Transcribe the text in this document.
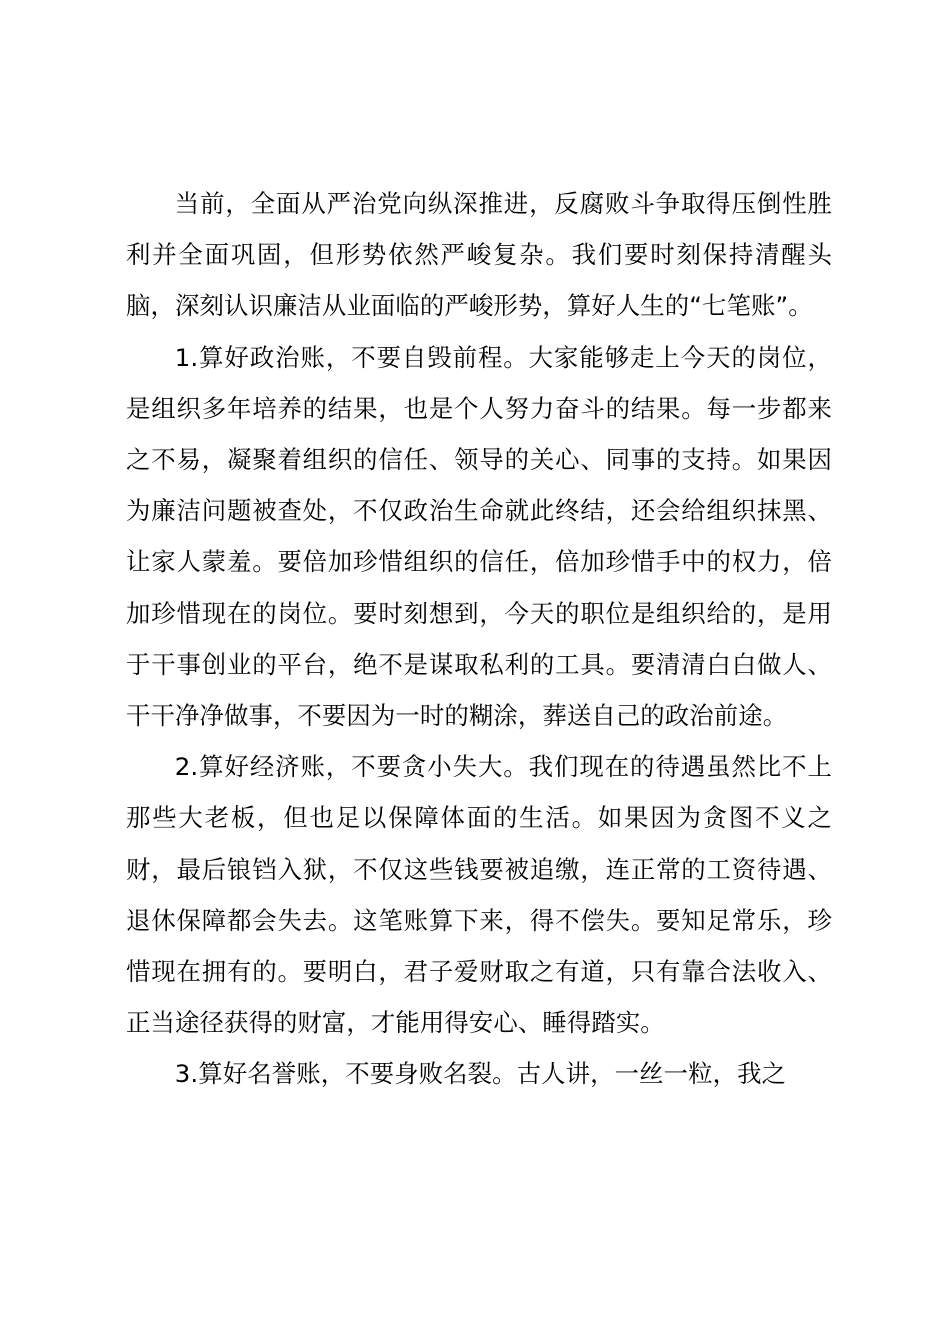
当前，全面从严治党向纵深推进，反腐败斗争取得压倒性胜利并全面巩固，但形势依然严峻复杂。我们要时刻保持清醒头脑，深刻认识廉洁从业面临的严峻形势，算好人生的“七笔账”。

1.算好政治账，不要自毁前程。大家能够走上今天的岗位，是组织多年培养的结果，也是个人努力奋斗的结果。每一步都来之不易，凝聚着组织的信任、领导的关心、同事的支持。如果因为廉洁问题被查处，不仅政治生命就此终结，还会给组织抹黑、让家人蒙羞。要倍加珍惜组织的信任，倍加珍惜手中的权力，倍加珍惜现在的岗位。要时刻想到，今天的职位是组织给的，是用于干事创业的平台，绝不是谋取私利的工具。要清清白白做人、干干净净做事，不要因为一时的糊涂，葬送自己的政治前途。

2.算好经济账，不要贪小失大。我们现在的待遇虽然比不上那些大老板，但也足以保障体面的生活。如果因为贪图不义之财，最后锒铛入狱，不仅这些钱要被追缴，连正常的工资待遇、退休保障都会失去。这笔账算下来，得不偿失。要知足常乐，珍惜现在拥有的。要明白，君子爱财取之有道，只有靠合法收入、正当途径获得的财富，才能用得安心、睡得踏实。

3.算好名誉账，不要身败名裂。古人讲，一丝一粒，我之
